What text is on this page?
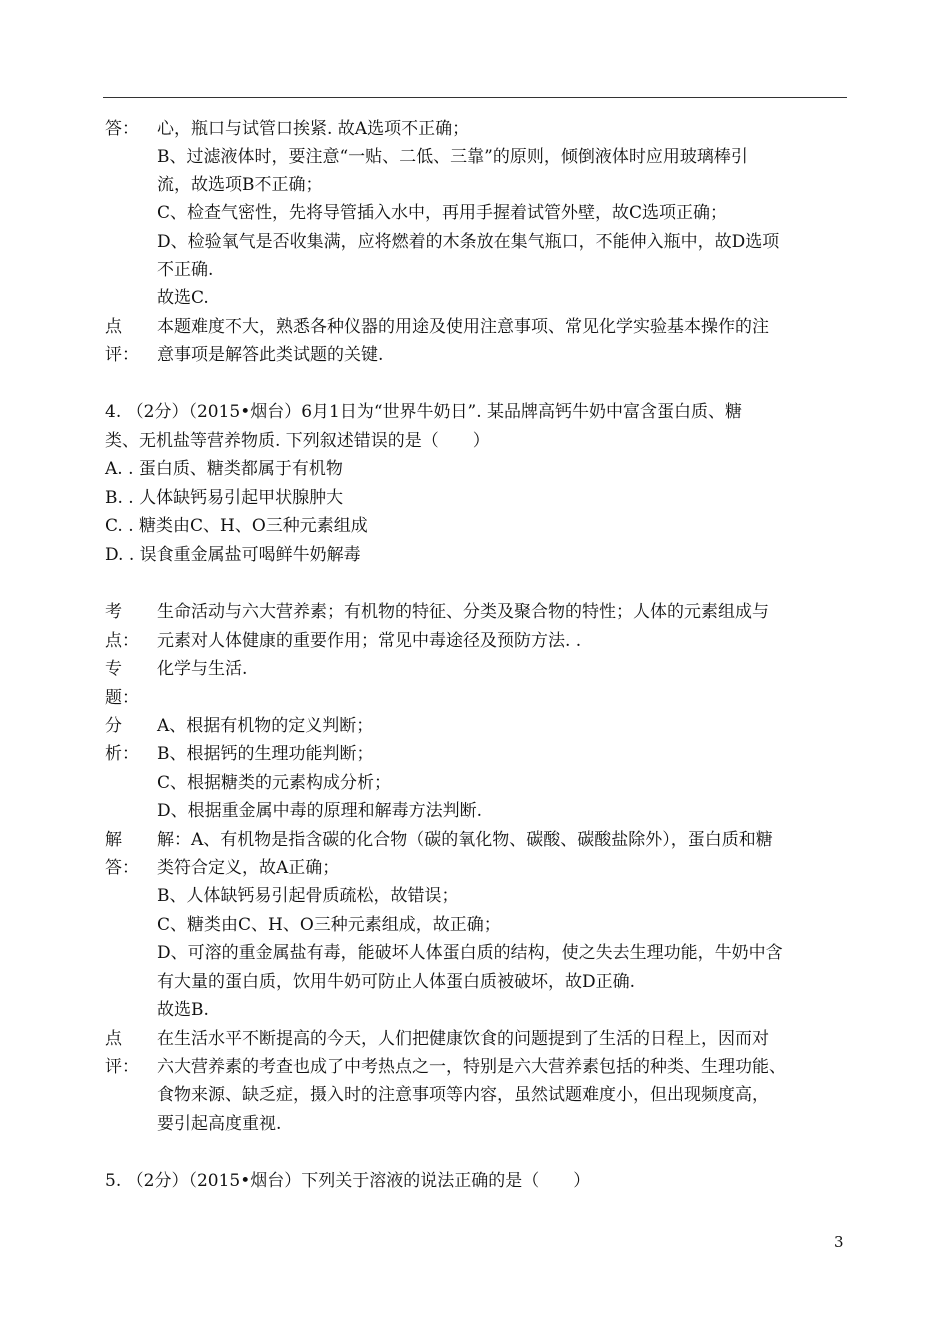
答： 心，瓶口与试管口挨紧. 故A选项不正确；
B、过滤液体时，要注意“一贴、二低、三靠”的原则，倾倒液体时应用玻璃棒引
流，故选项B不正确；
C、检查气密性，先将导管插入水中，再用手握着试管外壁，故C选项正确；
D、检验氧气是否收集满，应将燃着的木条放在集气瓶口，不能伸入瓶中，故D选项
不正确.
故选C.
点
评：
本题难度不大，熟悉各种仪器的用途及使用注意事项、常见化学实验基本操作的注
意事项是解答此类试题的关键.
4. （2分）（2015•烟台）6月1日为“世界牛奶日”. 某品牌高钙牛奶中富含蛋白质、糖
类、无机盐等营养物质. 下列叙述错误的是（　　）
A. . 蛋白质、糖类都属于有机物
B. . 人体缺钙易引起甲状腺肿大
C. . 糖类由C、H、O三种元素组成
D. . 误食重金属盐可喝鲜牛奶解毒
考
点：
生命活动与六大营养素；有机物的特征、分类及聚合物的特性；人体的元素组成与
元素对人体健康的重要作用；常见中毒途径及预防方法. .
专
题：
化学与生活.
分
析：
A、根据有机物的定义判断；
B、根据钙的生理功能判断；
C、根据糖类的元素构成分析；
D、根据重金属中毒的原理和解毒方法判断.
解
答：
解：A、有机物是指含碳的化合物（碳的氧化物、碳酸、碳酸盐除外），蛋白质和糖
类符合定义，故A正确；
B、人体缺钙易引起骨质疏松，故错误；
C、糖类由C、H、O三种元素组成，故正确；
D、可溶的重金属盐有毒，能破坏人体蛋白质的结构，使之失去生理功能，牛奶中含
有大量的蛋白质，饮用牛奶可防止人体蛋白质被破坏，故D正确.
故选B.
点
评：
在生活水平不断提高的今天，人们把健康饮食的问题提到了生活的日程上，因而对
六大营养素的考查也成了中考热点之一，特别是六大营养素包括的种类、生理功能、
食物来源、缺乏症，摄入时的注意事项等内容，虽然试题难度小，但出现频度高，
要引起高度重视.
5. （2分）（2015•烟台）下列关于溶液的说法正确的是（　　）
3
